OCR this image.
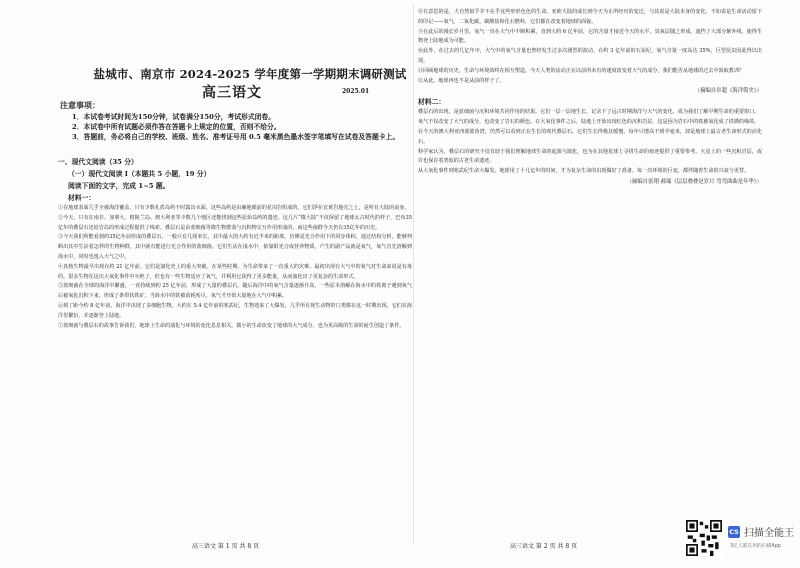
盐城市、南京市 2024-2025 学年度第一学期期末调研测试
高三语文	2025.01
注意事项：

1．本试卷考试时间为150分钟，试卷满分150分，考试形式闭卷。

2．本试卷中所有试题必须作答在答题卡上规定的位置，否则不给分。

3．答题前，务必将自己的学校、班级、姓名、准考证号用 0.5 毫米黑色墨水签字笔填写在试卷及答题卡上。

一、现代文阅读（35 分）

（一）现代文阅读 I（本题共 5 小题，19 分）

阅读下面的文字，完成 1~5 题。

材料一：

①在地球表面几乎全被海洋覆盖，只有少数孔盾岛屿不时露出水面。这些岛屿是由廉地眼前的花岗岩组成的，它们浮在宜黄岩地壳之上，是所有大陆的前身。

②今天，只有在南非、加拿大、格陵兰岛、澳大利亚等少数几个地区还能找到这些原始岛屿的遗迹。这几片“微大陆”不仅保留了地球太古时代的样子，巴布35亿年的叠层石还给岩岛的形成过程提供了线索。叠层石是由蓝细菌等微生物群落与沉积物交互作用形成的，而这些菌群今天仍有35亿年的历史。

③今天我们所能看到的35亿年前形成的叠层石，一般只有几厘米长，其中最大的大约有近半米的距离。仿佛是光合作用下的同步体积，通过结构分析，能够判断出其中生活着怎样的生物种群，其中就有能进行光合作用的蓝细菌。它们生活在浅水中，依靠阳光合成营养物质，产生的副产品就是氧气，氧气首先溶解到海水中，同时也逸入大气之中。

④真核生物最早出现在约 21 亿年前。它们是演化史上的重大突破，在某些时期，为生命带来了一次重大的灾难。最初出现在大气中的氧气对生命来说是有毒的，很多生物在这次大氧化事件中灭绝了，但也有一些生物适应了氧气，并利用它获得了更多能量，从而演化出了更复杂的生命形式。

⑤蓝细菌在全球的海洋中繁盛，一直持续到约 25 亿年前，形成了大量的叠层石。随后海洋中的氧气含量逐渐升高，一些原本溶解在海水中的铁离子遇到氧气后被氧化沉积下来，形成了条带状铁矿。当海水中的铁被消耗殆尽，氧气才开始大量地在大气中积累。

⑥到了距今约 8 亿年前，海洋中出现了多细胞生物。大约在 5.4 亿年前的寒武纪，生物迎来了大爆发，几乎所有现生动物的门类都在这一时期出现。它们在海洋里繁衍，并逐渐登上陆地。

⑦蓝细菌与叠层石的故事告诉我们，地球上生命的演化与环境的变化息息相关。微小的生命改变了地球的大气成分，也为更高级的生命的诞生创造了条件。

高三语文 第 1 页 共 8 页

⑧有意思的是，大自然似乎并不在乎这些形形色色的生命。亚欧大陆的成长到今天为止所经历的变迁，与其说是大陆本身的变化，不如说是生命活动留下的印记——氧气、二氧化碳、碳酸盐和化石燃料，它们都在改变着地球的面貌。

⑨在此后的漫长岁月里，氧气一直在大气中不断积累，直到大约 6 亿年前，它的含量才接近今天的水平。臭氧层随之形成，遮挡了大部分紫外线，使得生物登上陆地成为可能。

⑩此外，在过去的几亿年中，大气中的氧气含量也曾经发生过多次剧烈的波动。在约 3 亿年前的石炭纪，氧气含量一度高达 35%，巨型昆虫因此得以出现。

⑪回顾地球的历史，生命与环境始终在相互塑造。今天人类的活动正在以前所未有的速度改变着大气的成分，我们能否从地球的过去中汲取教训？

⑫从此，地球再也不是从前的样子了。

（摘编自章超《海洋简史》）

材料二：

叠层石的出现，是蓝细菌与沉积环境共同作用的结果。它们一层一层地生长，记录下了远古时期海洋与大气的变化，成为我们了解早期生命的重要窗口。

氧气不仅改变了大气的成分，也改变了岩石的颜色。在大氧化事件之后，陆地上开始出现红色的沉积岩层，这是因为岩石中的铁被氧化成了铁锈的缘故。

在今天的澳大利亚西部鲨鱼湾，仍然可以看到正在生长的现代叠层石。它们生长得极其缓慢，每年只增高不到半毫米，却是地球上最古老生命形式的活化石。

科学家认为，叠层石的研究不仅有助于我们理解地球生命的起源与演化，也为在其他星球上寻找生命的痕迹提供了重要参考。火星上的一些沉积岩层，或许也保存着类似的古老生命遗迹。

从大氧化事件到寒武纪生命大爆发，地球用了十几亿年的时间，才为复杂生命的出现做好了准备。每一次环境的巨变，都伴随着生命的兴衰与更替。

（摘编自张翔 郝瑞《层层叠叠是岁月 弯弯曲曲是年华》）

高三语文 第 2 页 共 8 页
CS 扫描全能王
3亿人都在用的扫描App
